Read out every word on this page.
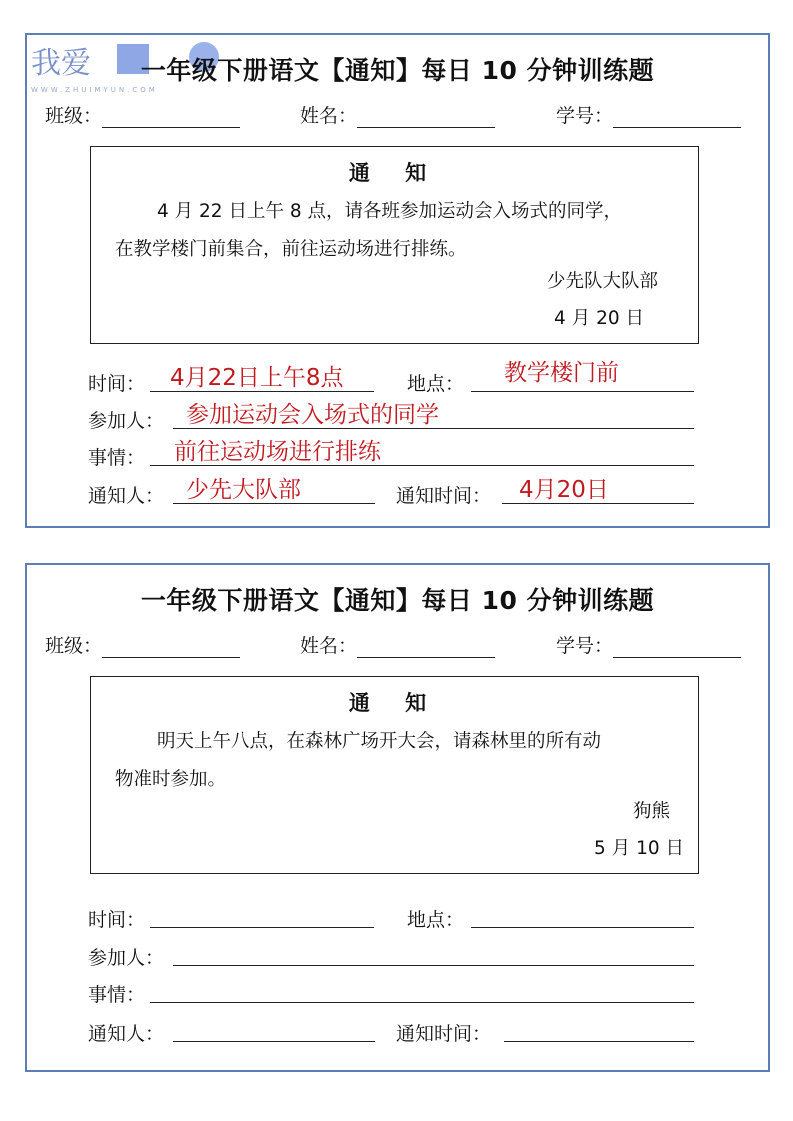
我爱
WWW.ZHUIMYUN.COM
一年级下册语文【通知】每日 10 分钟训练题
班级：	姓名：	学号：
通 知
4 月 22 日上午 8 点，请各班参加运动会入场式的同学，
在教学楼门前集合，前往运动场进行排练。
少先队大队部
4 月 20 日
时间： 4月22日上午8点	地点： 教学楼门前
参加人： 参加运动会入场式的同学
事情： 前往运动场进行排练
通知人： 少先大队部	通知时间： 4月20日
一年级下册语文【通知】每日 10 分钟训练题
班级：	姓名：	学号：
通 知
明天上午八点，在森林广场开大会，请森林里的所有动
物准时参加。
狗熊
5 月 10 日
时间：	地点：
参加人：
事情：
通知人：	通知时间：
